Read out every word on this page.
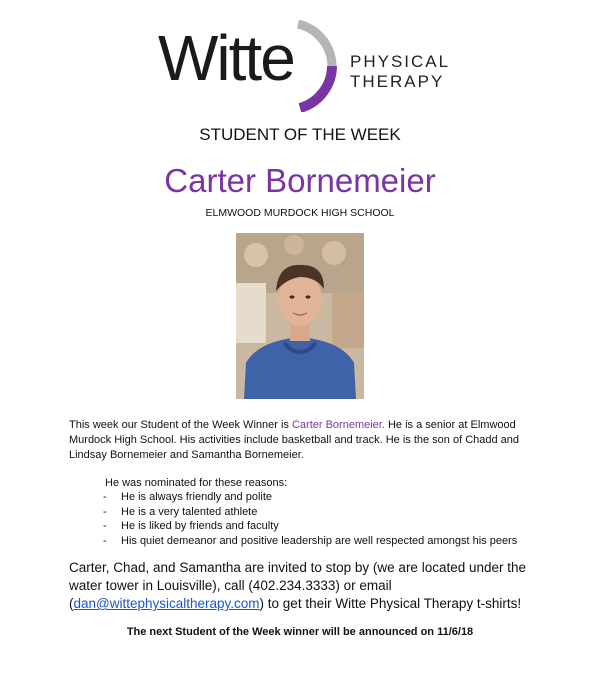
Witte	PHYSICAL
THERAPY
STUDENT OF THE WEEK
Carter Bornemeier
ELMWOOD MURDOCK HIGH SCHOOL

This week our Student of the Week Winner is Carter Bornemeier. He is a senior at Elmwood Murdock High School. His activities include basketball and track. He is the son of Chadd and Lindsay Bornemeier and Samantha Bornemeier.

He was nominated for these reasons:
- He is always friendly and polite
- He is a very talented athlete
- He is liked by friends and faculty
- His quiet demeanor and positive leadership are well respected amongst his peers

Carter, Chad, and Samantha are invited to stop by (we are located under the water tower in Louisville), call (402.234.3333) or email (dan@wittephysicaltherapy.com) to get their Witte Physical Therapy t-shirts!

The next Student of the Week winner will be announced on 11/6/18
